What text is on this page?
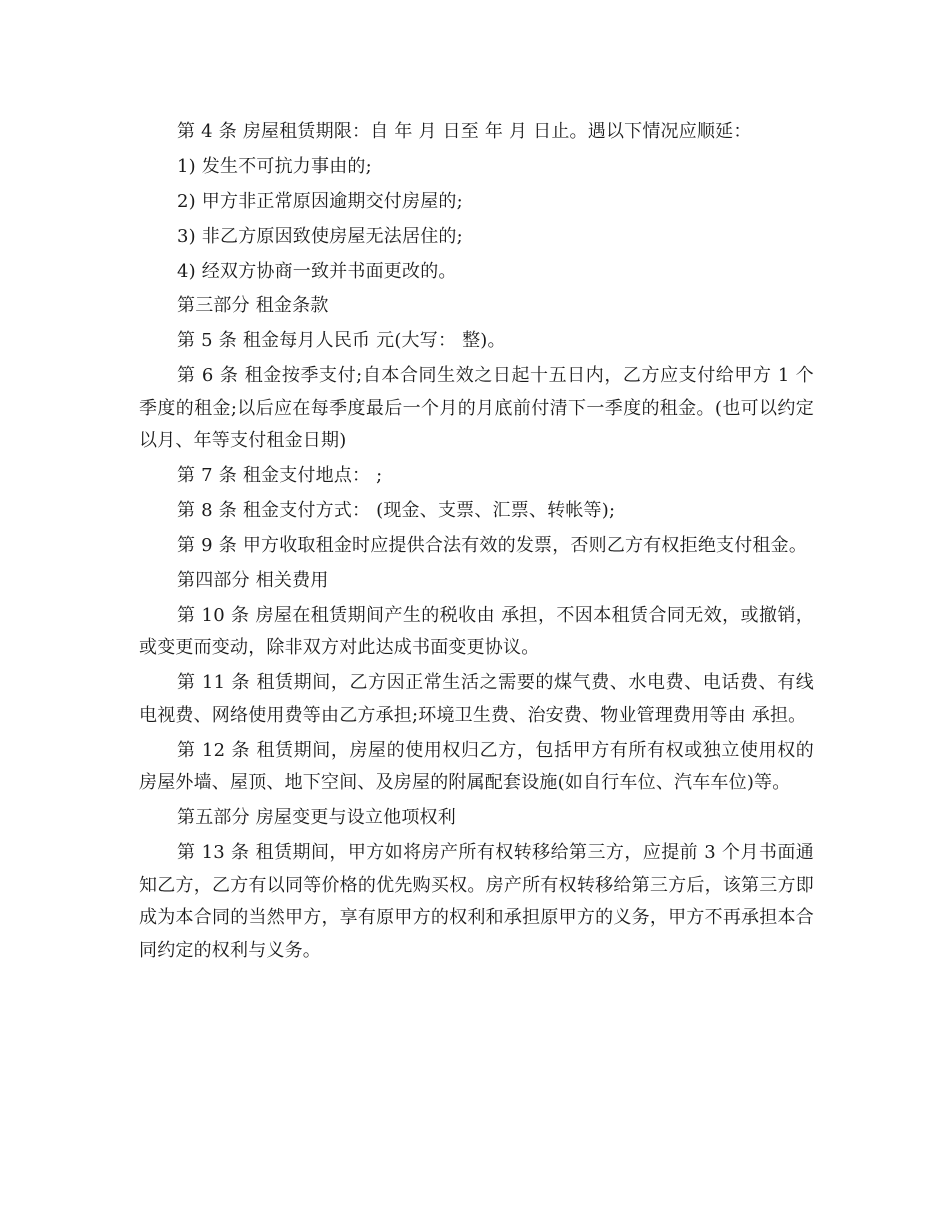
第 4 条 房屋租赁期限：自 年 月 日至 年 月 日止。遇以下情况应顺延：

1) 发生不可抗力事由的;

2) 甲方非正常原因逾期交付房屋的;

3) 非乙方原因致使房屋无法居住的;

4) 经双方协商一致并书面更改的。

第三部分 租金条款

第 5 条 租金每月人民币 元(大写： 整)。

第 6 条 租金按季支付;自本合同生效之日起十五日内，乙方应支付给甲方 1 个季度的租金;以后应在每季度最后一个月的月底前付清下一季度的租金。(也可以约定以月、年等支付租金日期)

第 7 条 租金支付地点： ;

第 8 条 租金支付方式： (现金、支票、汇票、转帐等);

第 9 条 甲方收取租金时应提供合法有效的发票，否则乙方有权拒绝支付租金。

第四部分 相关费用

第 10 条 房屋在租赁期间产生的税收由 承担，不因本租赁合同无效，或撤销，或变更而变动，除非双方对此达成书面变更协议。

第 11 条 租赁期间，乙方因正常生活之需要的煤气费、水电费、电话费、有线电视费、网络使用费等由乙方承担;环境卫生费、治安费、物业管理费用等由 承担。

第 12 条 租赁期间，房屋的使用权归乙方，包括甲方有所有权或独立使用权的房屋外墙、屋顶、地下空间、及房屋的附属配套设施(如自行车位、汽车车位)等。

第五部分 房屋变更与设立他项权利

第 13 条 租赁期间，甲方如将房产所有权转移给第三方，应提前 3 个月书面通知乙方，乙方有以同等价格的优先购买权。房产所有权转移给第三方后，该第三方即成为本合同的当然甲方，享有原甲方的权利和承担原甲方的义务，甲方不再承担本合同约定的权利与义务。
